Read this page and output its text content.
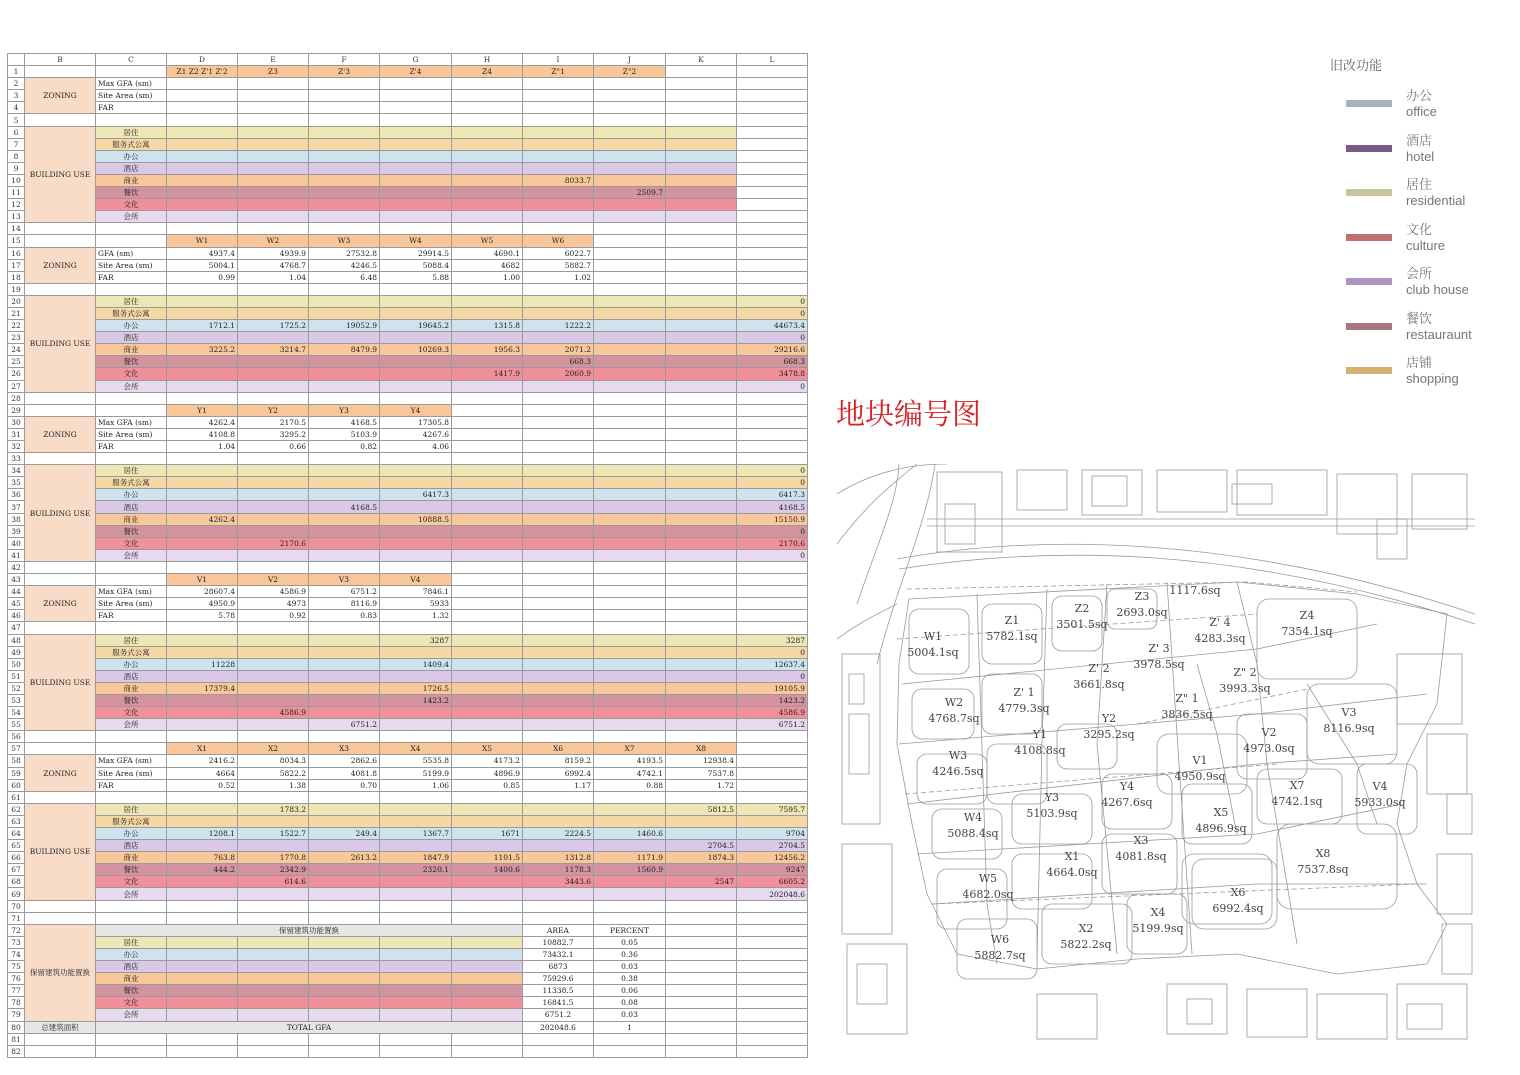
	B	C	D	E	F	G	H	I	J	K	L
1			Z1 Z2 Z'1 Z'2	Z3	Z'3	Z'4	Z4	Z"1	Z"2		
2	ZONING	Max GFA (sm)									
3		Site Area (sm)									
4		FAR									
5											
6	BUILDING USE	居住									
7		服务式公寓									
8		办公									
9		酒店									
10		商业						8033.7			
11		餐饮							2509.7		
12		文化									
13		会所									
14											
15			W1	W2	W3	W4	W5	W6			
16	ZONING	GFA (sm)	4937.4	4939.9	27532.8	29914.5	4690.1	6022.7			
17		Site Area (sm)	5004.1	4768.7	4246.5	5088.4	4682	5882.7			
18		FAR	0.99	1.04	6.48	5.88	1.00	1.02			
19											
20	BUILDING USE	居住									0
21		服务式公寓									0
22		办公	1712.1	1725.2	19052.9	19645.2	1315.8	1222.2			44673.4
23		酒店									0
24		商业	3225.2	3214.7	8479.9	10269.3	1956.3	2071.2			29216.6
25		餐饮						668.3			668.3
26		文化					1417.9	2060.9			3478.8
27		会所									0
28											
29			Y1	Y2	Y3	Y4					
30	ZONING	Max GFA (sm)	4262.4	2170.5	4168.5	17305.8					
31		Site Area (sm)	4108.8	3295.2	5103.9	4267.6					
32		FAR	1.04	0.66	0.82	4.06					
33											
34	BUILDING USE	居住									0
35		服务式公寓									0
36		办公				6417.3					6417.3
37		酒店			4168.5						4168.5
38		商业	4262.4			10888.5					15150.9
39		餐饮									0
40		文化		2170.6							2170.6
41		会所									0
42											
43			V1	V2	V3	V4					
44	ZONING	Max GFA (sm)	28607.4	4586.9	6751.2	7846.1					
45		Site Area (sm)	4950.9	4973	8116.9	5933					
46		FAR	5.78	0.92	0.83	1.32					
47											
48	BUILDING USE	居住				3287					3287
49		服务式公寓									0
50		办公	11228			1409.4					12637.4
51		酒店									0
52		商业	17379.4			1726.5					19105.9
53		餐饮				1423.2					1423.2
54		文化		4586.9							4586.9
55		会所			6751.2						6751.2
56											
57			X1	X2	X3	X4	X5	X6	X7	X8	
58	ZONING	Max GFA (sm)	2416.2	8034.3	2862.6	5535.8	4173.2	8159.2	4193.5	12938.4	
59		Site Area (sm)	4664	5822.2	4081.8	5199.9	4896.9	6992.4	4742.1	7537.8	
60		FAR	0.52	1.38	0.70	1.06	0.85	1.17	0.88	1.72	
61											
62	BUILDING USE	居住		1783.2						5812.5	7595.7
63		服务式公寓									
64		办公	1208.1	1522.7	249.4	1367.7	1671	2224.5	1460.6		9704
65		酒店								2704.5	2704.5
66		商业	763.8	1770.8	2613.2	1847.9	1101.5	1312.8	1171.9	1874.3	12456.2
67		餐饮	444.2	2342.9		2320.1	1400.6	1178.3	1560.9		9247
68		文化		614.6				3443.6		2547	6605.2
69		会所									202048.6
70											
71											
72	保留建筑功能置换	保留建筑功能置换						AREA	PERCENT		
73		居住						10882.7	0.05		
74		办公						73432.1	0.36		
75		酒店						6873	0.03		
76		商业						75929.6	0.38		
77		餐饮						11338.5	0.06		
78		文化						16841.5	0.08		
79		会所						6751.2	0.03		
80	总建筑面积	TOTAL GFA						202048.6	1		
81											
82											
旧改功能
办公
office
酒店
hotel
居住
residential
文化
culture
会所
club house
餐饮
restauraunt
店铺
shopping
地块编号图
W1
5004.1sq
Z1
5782.1sq
Z2
3501.5sq
Z3
2693.0sq
1117.6sq
Z' 4
4283.3sq
Z4
7354.1sq
Z' 3
3978.5sq
Z' 2
3661.8sq
Z" 2
3993.3sq
W2
4768.7sq
Z' 1
4779.3sq
Z" 1
3836.5sq
Y2
3295.2sq
Y1
4108.8sq
V3
8116.9sq
V2
4973.0sq
W3
4246.5sq
V1
4950.9sq
Y4
4267.6sq
Y3
5103.9sq
X7
4742.1sq
V4
5933.0sq
W4
5088.4sq
X5
4896.9sq
X3
4081.8sq
X1
4664.0sq
X8
7537.8sq
W5
4682.0sq	X6
6992.4sq
X4
5199.9sq
W6
5882.7sq
X2
5822.2sq
